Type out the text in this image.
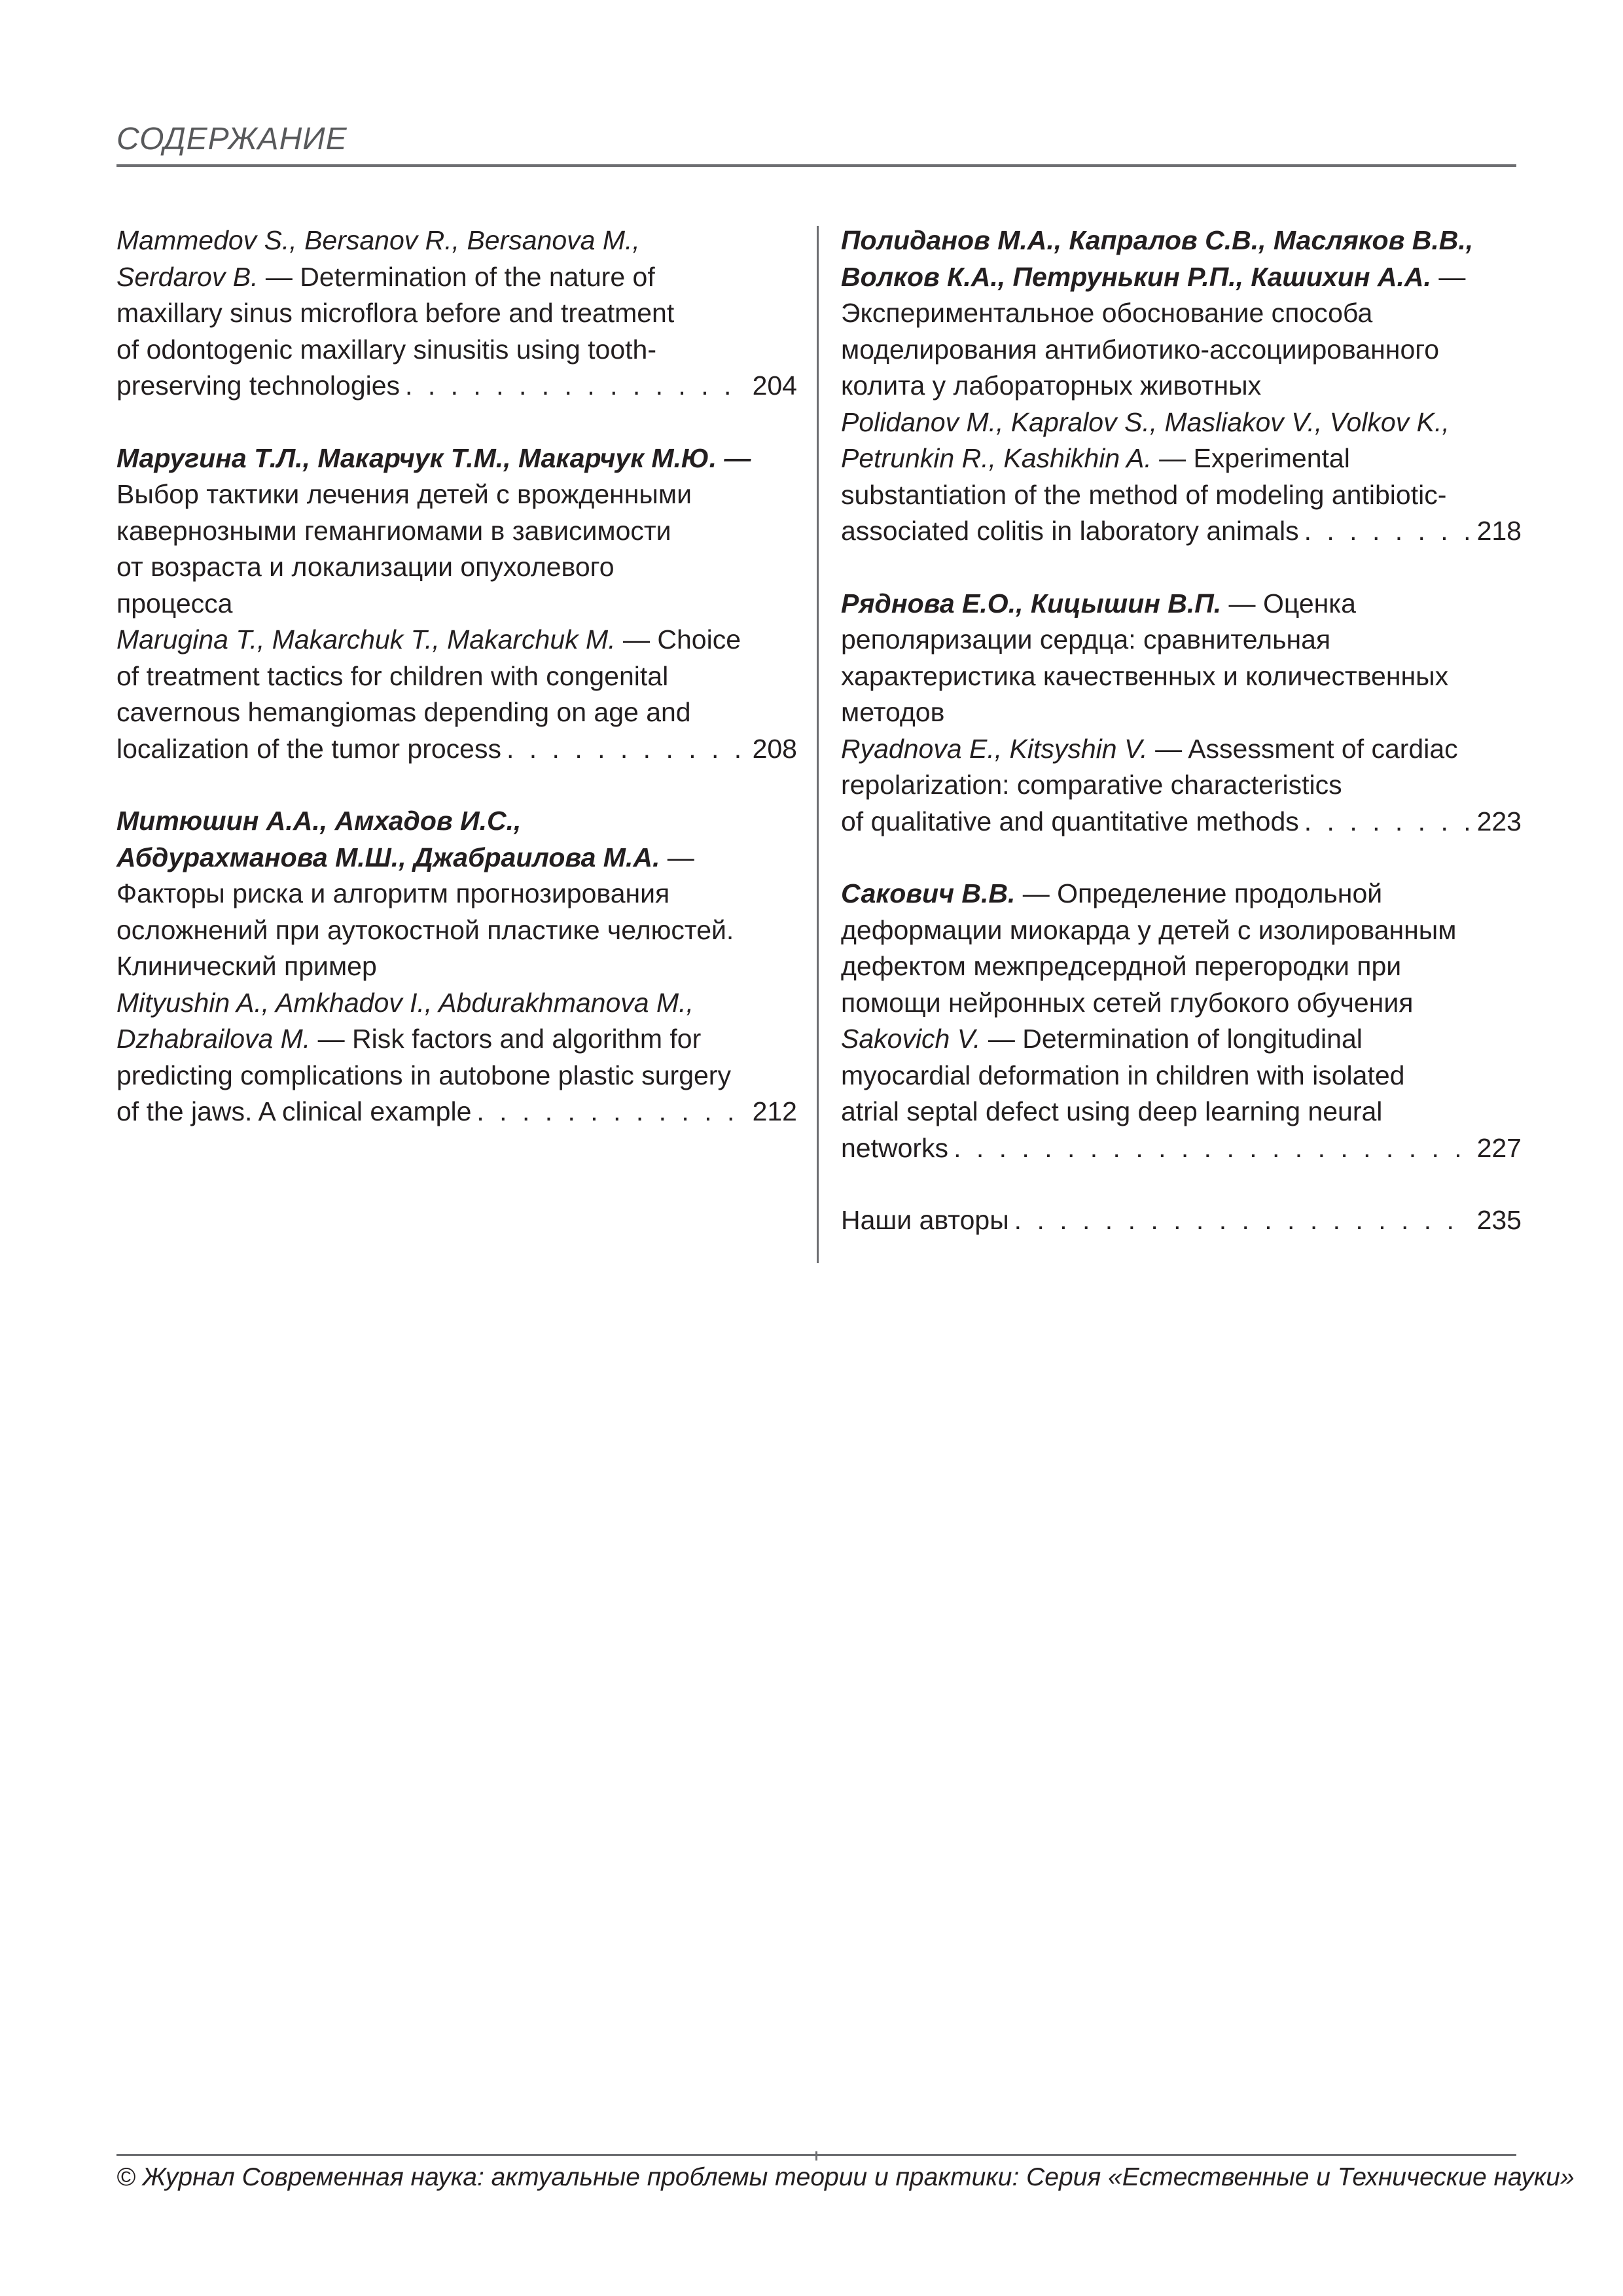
СОДЕРЖАНИЕ

Mammedov S., Bersanov R., Bersanova M.,

Serdarov B. — Determination of the nature of

maxillary sinus microflora before and treatment

of odontogenic maxillary sinusitis using tooth-

preserving technologies . . .	204

Маругина Т.Л., Макарчук Т.М., Макарчук М.Ю. —

Выбор тактики лечения детей с врожденными

кавернозными гемангиомами в зависимости

от возраста и локализации опухолевого

процесса

Marugina T., Makarchuk T., Makarchuk M. — Choice

of treatment tactics for children with congenital

cavernous hemangiomas depending on age and

localization of the tumor process . . .	208

Митюшин А.А., Амхадов И.С.,

Абдурахманова М.Ш., Джабраилова М.А. —

Факторы риска и алгоритм прогнозирования

осложнений при аутокостной пластике челюстей.

Клинический пример

Mityushin A., Amkhadov I., Abdurakhmanova M.,

Dzhabrailova M. — Risk factors and algorithm for

predicting complications in autobone plastic surgery

of the jaws. A clinical example . . .	212

Полиданов М.А., Капралов С.В., Масляков В.В.,

Волков К.А., Петрунькин Р.П., Кашихин А.А. —

Экспериментальное обоснование способа

моделирования антибиотико-ассоциированного

колита у лабораторных животных

Polidanov M., Kapralov S., Masliakov V., Volkov K.,

Petrunkin R., Kashikhin A. — Experimental

substantiation of the method of modeling antibiotic-

associated colitis in laboratory animals . . .	218

Ряднова Е.О., Кицышин В.П. — Оценка

реполяризации сердца: сравнительная

характеристика качественных и количественных

методов

Ryadnova E., Kitsyshin V. — Assessment of cardiac

repolarization: comparative characteristics

of qualitative and quantitative methods . . .	223

Сакович В.В. — Определение продольной

деформации миокарда у детей с изолированным

дефектом межпредсердной перегородки при

помощи нейронных сетей глубокого обучения

Sakovich V. — Determination of longitudinal

myocardial deformation in children with isolated

atrial septal defect using deep learning neural

networks . . .	227
Наши авторы . . .	235
© Журнал Современная наука: актуальные проблемы теории и практики: Серия «Естественные и Технические науки»
